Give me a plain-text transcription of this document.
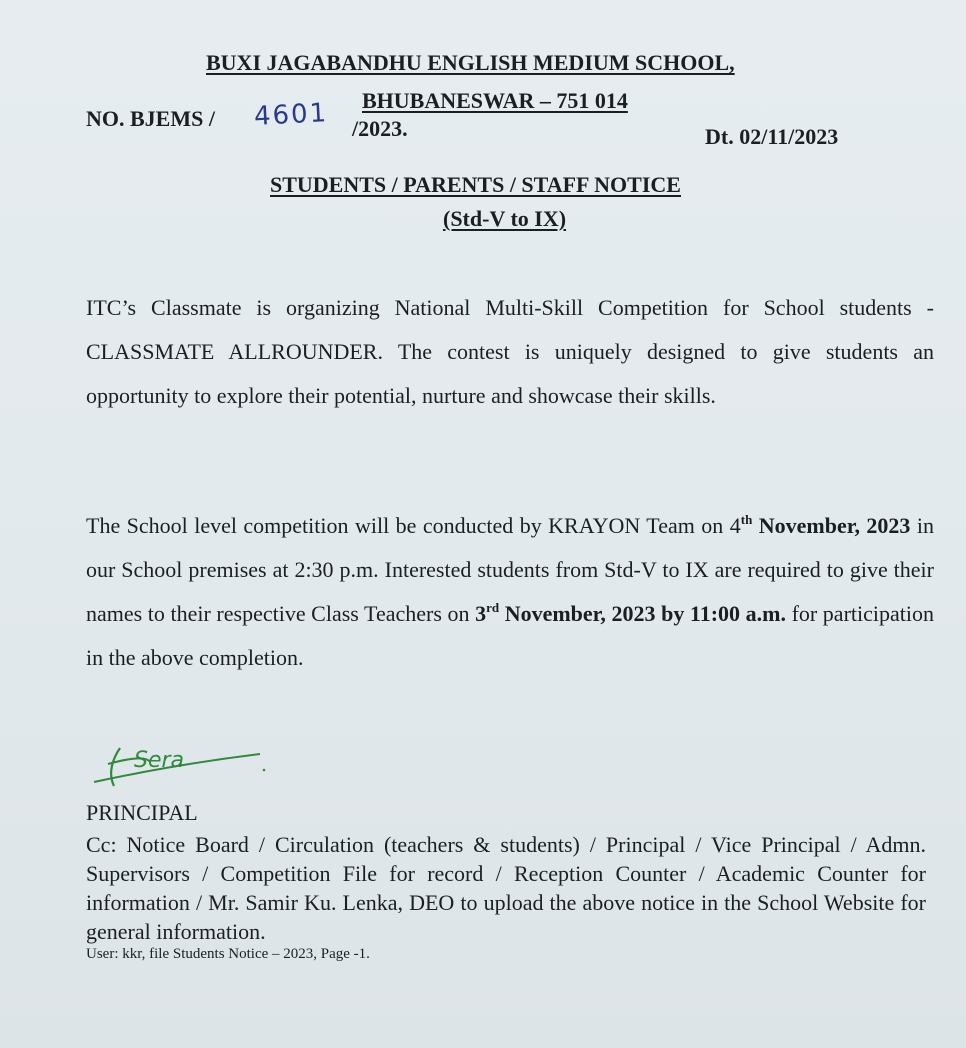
BUXI JAGABANDHU ENGLISH MEDIUM SCHOOL,
BHUBANESWAR – 751 014
NO. BJEMS / 4601 /2023.	Dt. 02/11/2023
STUDENTS / PARENTS / STAFF NOTICE
(Std-V to IX)

ITC’s Classmate is organizing National Multi-Skill Competition for School students - CLASSMATE ALLROUNDER. The contest is uniquely designed to give students an opportunity to explore their potential, nurture and showcase their skills.

The School level competition will be conducted by KRAYON Team on 4th November, 2023 in our School premises at 2:30 p.m. Interested students from Std-V to IX are required to give their names to their respective Class Teachers on 3rd November, 2023 by 11:00 a.m. for participation in the above completion.

Sera
PRINCIPAL

Cc: Notice Board / Circulation (teachers & students) / Principal / Vice Principal / Admn. Supervisors / Competition File for record / Reception Counter / Academic Counter for information / Mr. Samir Ku. Lenka, DEO to upload the above notice in the School Website for general information.

User: kkr, file Students Notice – 2023, Page -1.
